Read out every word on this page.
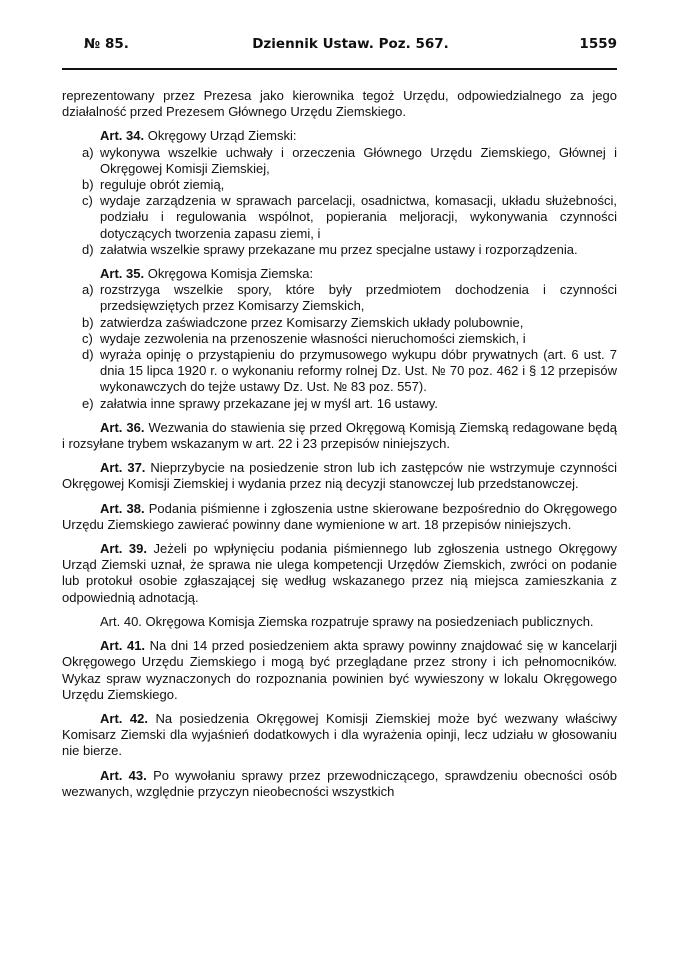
№ 85.	Dziennik Ustaw. Poz. 567.	1559

reprezentowany przez Prezesa jako kierownika tegoż Urzędu, odpowiedzialnego za jego działalność przed Prezesem Głównego Urzędu Ziemskiego.

Art. 34. Okręgowy Urząd Ziemski:
a) wykonywa wszelkie uchwały i orzeczenia Głównego Urzędu Ziemskiego, Głównej i Okręgowej Komisji Ziemskiej,
b) reguluje obrót ziemią,
c) wydaje zarządzenia w sprawach parcelacji, osadnictwa, komasacji, układu służebności, podziału i regulowania wspólnot, popierania meljoracji, wykonywania czynności dotyczących tworzenia zapasu ziemi, i
d) załatwia wszelkie sprawy przekazane mu przez specjalne ustawy i rozporządzenia.
Art. 35. Okręgowa Komisja Ziemska:
a) rozstrzyga wszelkie spory, które były przedmiotem dochodzenia i czynności przedsięwziętych przez Komisarzy Ziemskich,
b) zatwierdza zaświadczone przez Komisarzy Ziemskich układy polubownie,
c) wydaje zezwolenia na przenoszenie własności nieruchomości ziemskich, i
d) wyraża opinję o przystąpieniu do przymusowego wykupu dóbr prywatnych (art. 6 ust. 7 dnia 15 lipca 1920 r. o wykonaniu reformy rolnej Dz. Ust. № 70 poz. 462 i § 12 przepisów wykonawczych do tejże ustawy Dz. Ust. № 83 poz. 557).
e) załatwia inne sprawy przekazane jej w myśl art. 16 ustawy.

Art. 36. Wezwania do stawienia się przed Okręgową Komisją Ziemską redagowane będą i rozsyłane trybem wskazanym w art. 22 i 23 przepisów niniejszych.

Art. 37. Nieprzybycie na posiedzenie stron lub ich zastępców nie wstrzymuje czynności Okręgowej Komisji Ziemskiej i wydania przez nią decyzji stanowczej lub przedstanowczej.

Art. 38. Podania piśmienne i zgłoszenia ustne skierowane bezpośrednio do Okręgowego Urzędu Ziemskiego zawierać powinny dane wymienione w art. 18 przepisów niniejszych.

Art. 39. Jeżeli po wpłynięciu podania piśmiennego lub zgłoszenia ustnego Okręgowy Urząd Ziemski uznał, że sprawa nie ulega kompetencji Urzędów Ziemskich, zwróci on podanie lub protokuł osobie zgłaszającej się według wskazanego przez nią miejsca zamieszkania z odpowiednią adnotacją.

Art. 40. Okręgowa Komisja Ziemska rozpatruje sprawy na posiedzeniach publicznych.

Art. 41. Na dni 14 przed posiedzeniem akta sprawy powinny znajdować się w kancelarji Okręgowego Urzędu Ziemskiego i mogą być przeglądane przez strony i ich pełnomocników. Wykaz spraw wyznaczonych do rozpoznania powinien być wywieszony w lokalu Okręgowego Urzędu Ziemskiego.

Art. 42. Na posiedzenia Okręgowej Komisji Ziemskiej może być wezwany właściwy Komisarz Ziemski dla wyjaśnień dodatkowych i dla wyrażenia opinji, lecz udziału w głosowaniu nie bierze.

Art. 43. Po wywołaniu sprawy przez przewodniczącego, sprawdzeniu obecności osób wezwanych, względnie przyczyn nieobecności wszystkich
